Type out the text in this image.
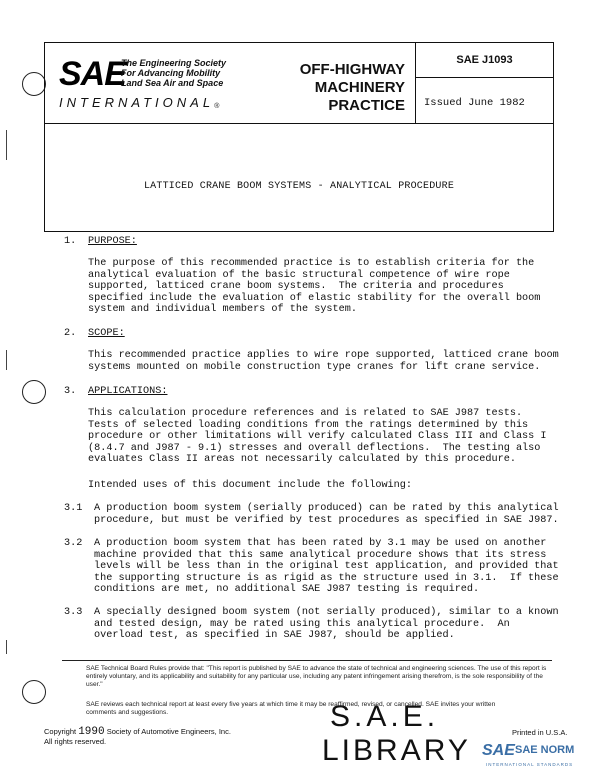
SAE
The Engineering Society
For Advancing Mobility
Land Sea Air and Space
INTERNATIONAL®
OFF-HIGHWAY
MACHINERY
PRACTICE
SAE J1093
Issued June 1982
LATTICED CRANE BOOM SYSTEMS - ANALYTICAL PROCEDURE
1. PURPOSE:
The purpose of this recommended practice is to establish criteria for the
analytical evaluation of the basic structural competence of wire rope
supported, latticed crane boom systems.  The criteria and procedures
specified include the evaluation of elastic stability for the overall boom
system and individual members of the system.
2. SCOPE:
This recommended practice applies to wire rope supported, latticed crane boom
systems mounted on mobile construction type cranes for lift crane service.
3. APPLICATIONS:
This calculation procedure references and is related to SAE J987 tests.
Tests of selected loading conditions from the ratings determined by this
procedure or other limitations will verify calculated Class III and Class I
(8.4.7 and J987 - 9.1) stresses and overall deflections.  The testing also
evaluates Class II areas not necessarily calculated by this procedure.
Intended uses of this document include the following:
3.1 A production boom system (serially produced) can be rated by this analytical
procedure, but must be verified by test procedures as specified in SAE J987.
3.2 A production boom system that has been rated by 3.1 may be used on another
machine provided that this same analytical procedure shows that its stress
levels will be less than in the original test application, and provided that
the supporting structure is as rigid as the structure used in 3.1.  If these
conditions are met, no additional SAE J987 testing is required.
3.3 A specially designed boom system (not serially produced), similar to a known
and tested design, may be rated using this analytical procedure.  An
overload test, as specified in SAE J987, should be applied.
SAE Technical Board Rules provide that: "This report is published by SAE to advance the state of technical and engineering sciences. The use of this report is entirely voluntary, and its applicability and suitability for any particular use, including any patent infringement arising therefrom, is the sole responsibility of the user."
SAE reviews each technical report at least every five years at which time it may be reaffirmed, revised, or cancelled. SAE invites your written comments and suggestions.
Copyright 1990 Society of Automotive Engineers, Inc.
All rights reserved.
Printed in U.S.A.
S.A.E.
LIBRARY SAE SAE NORM
INTERNATIONAL STANDARDS
